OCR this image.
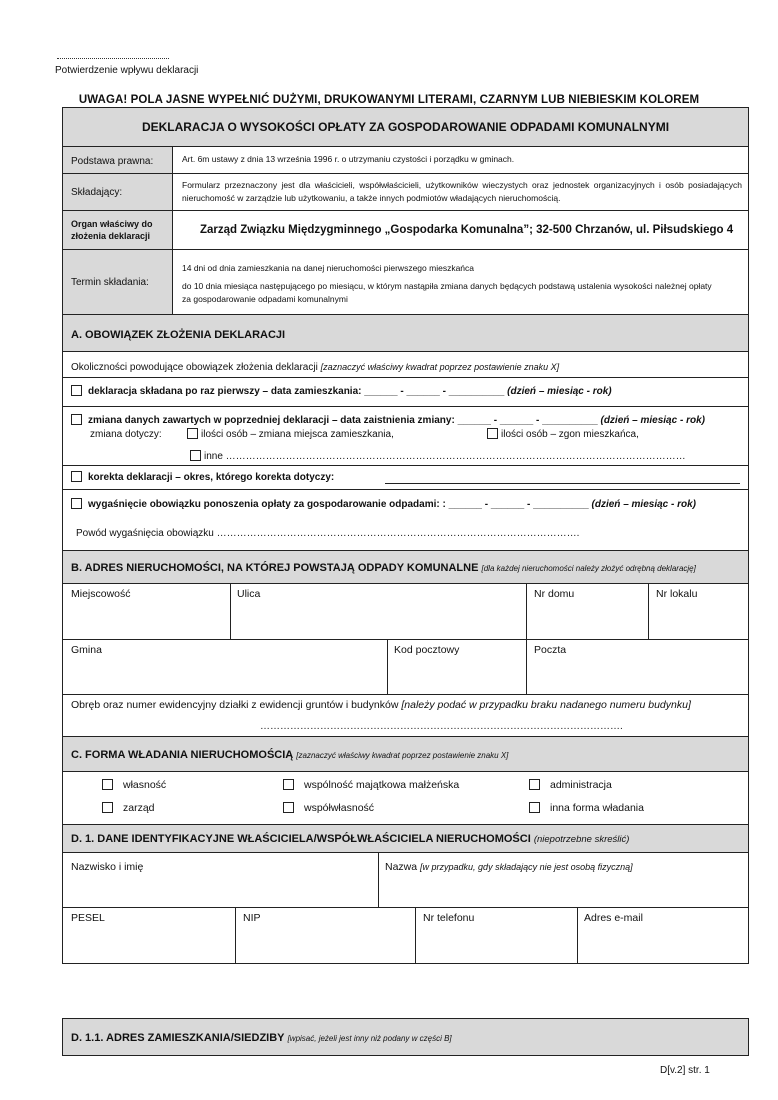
Potwierdzenie wpływu deklaracji
UWAGA! POLA JASNE WYPEŁNIĆ DUŻYMI, DRUKOWANYMI LITERAMI, CZARNYM LUB NIEBIESKIM KOLOREM
DEKLARACJA O WYSOKOŚCI OPŁATY ZA GOSPODAROWANIE ODPADAMI KOMUNALNYMI
Podstawa prawna:	Art. 6m ustawy z dnia 13 września 1996 r. o utrzymaniu czystości i porządku w gminach.
Składający:
Formularz przeznaczony jest dla właścicieli, współwłaścicieli, użytkowników wieczystych oraz jednostek organizacyjnych i osób posiadających nieruchomość w zarządzie lub użytkowaniu, a także innych podmiotów władających nieruchomością.
Organ właściwy do
złożenia deklaracji	Zarząd Związku Międzygminnego „Gospodarka Komunalna”; 32-500 Chrzanów, ul. Piłsudskiego 4
Termin składania:
14 dni od dnia zamieszkania na danej nieruchomości pierwszego mieszkańca
do 10 dnia miesiąca następującego po miesiącu, w którym nastąpiła zmiana danych będących podstawą ustalenia wysokości należnej opłaty za gospodarowanie odpadami komunalnymi
A. OBOWIĄZEK ZŁOŻENIA DEKLARACJI
Okoliczności powodujące obowiązek złożenia deklaracji [zaznaczyć właściwy kwadrat poprzez postawienie znaku X]
deklaracja składana po raz pierwszy – data zamieszkania: ______ - ______ - __________ (dzień – miesiąc - rok)
zmiana danych zawartych w poprzedniej deklaracji – data zaistnienia zmiany: ______ - ______ - __________ (dzień – miesiąc - rok)
zmiana dotyczy:	ilości osób – zmiana miejsca zamieszkania,	ilości osób – zgon mieszkańca,
inne …………………………………………………………………………………………………………………………
korekta deklaracji – okres, którego korekta dotyczy:
wygaśnięcie obowiązku ponoszenia opłaty za gospodarowanie odpadami: : ______ - ______ - __________ (dzień – miesiąc - rok)
Powód wygaśnięcia obowiązku ……………………………………………………………………………………………….
B. ADRES NIERUCHOMOŚCI, NA KTÓREJ POWSTAJĄ ODPADY KOMUNALNE [dla każdej nieruchomości należy złożyć odrębną deklarację]
Miejscowość	Ulica	Nr domu	Nr lokalu
Gmina	Kod pocztowy	Poczta
Obręb oraz numer ewidencyjny działki z ewidencji gruntów i budynków [należy podać w przypadku braku nadanego numeru budynku]
……………………………………………………………………………………………….
C. FORMA WŁADANIA NIERUCHOMOŚCIĄ [zaznaczyć właściwy kwadrat poprzez postawienie znaku X]
własność	wspólność majątkowa małżeńska	administracja
zarząd	współwłasność	inna forma władania
D. 1. DANE IDENTYFIKACYJNE WŁAŚCICIELA/WSPÓŁWŁAŚCICIELA NIERUCHOMOŚCI (niepotrzebne skreślić)
Nazwisko i imię	Nazwa [w przypadku, gdy składający nie jest osobą fizyczną]
PESEL	NIP	Nr telefonu	Adres e-mail
D. 1.1. ADRES ZAMIESZKANIA/SIEDZIBY [wpisać, jeżeli jest inny niż podany w części B]
D[v.2] str. 1
